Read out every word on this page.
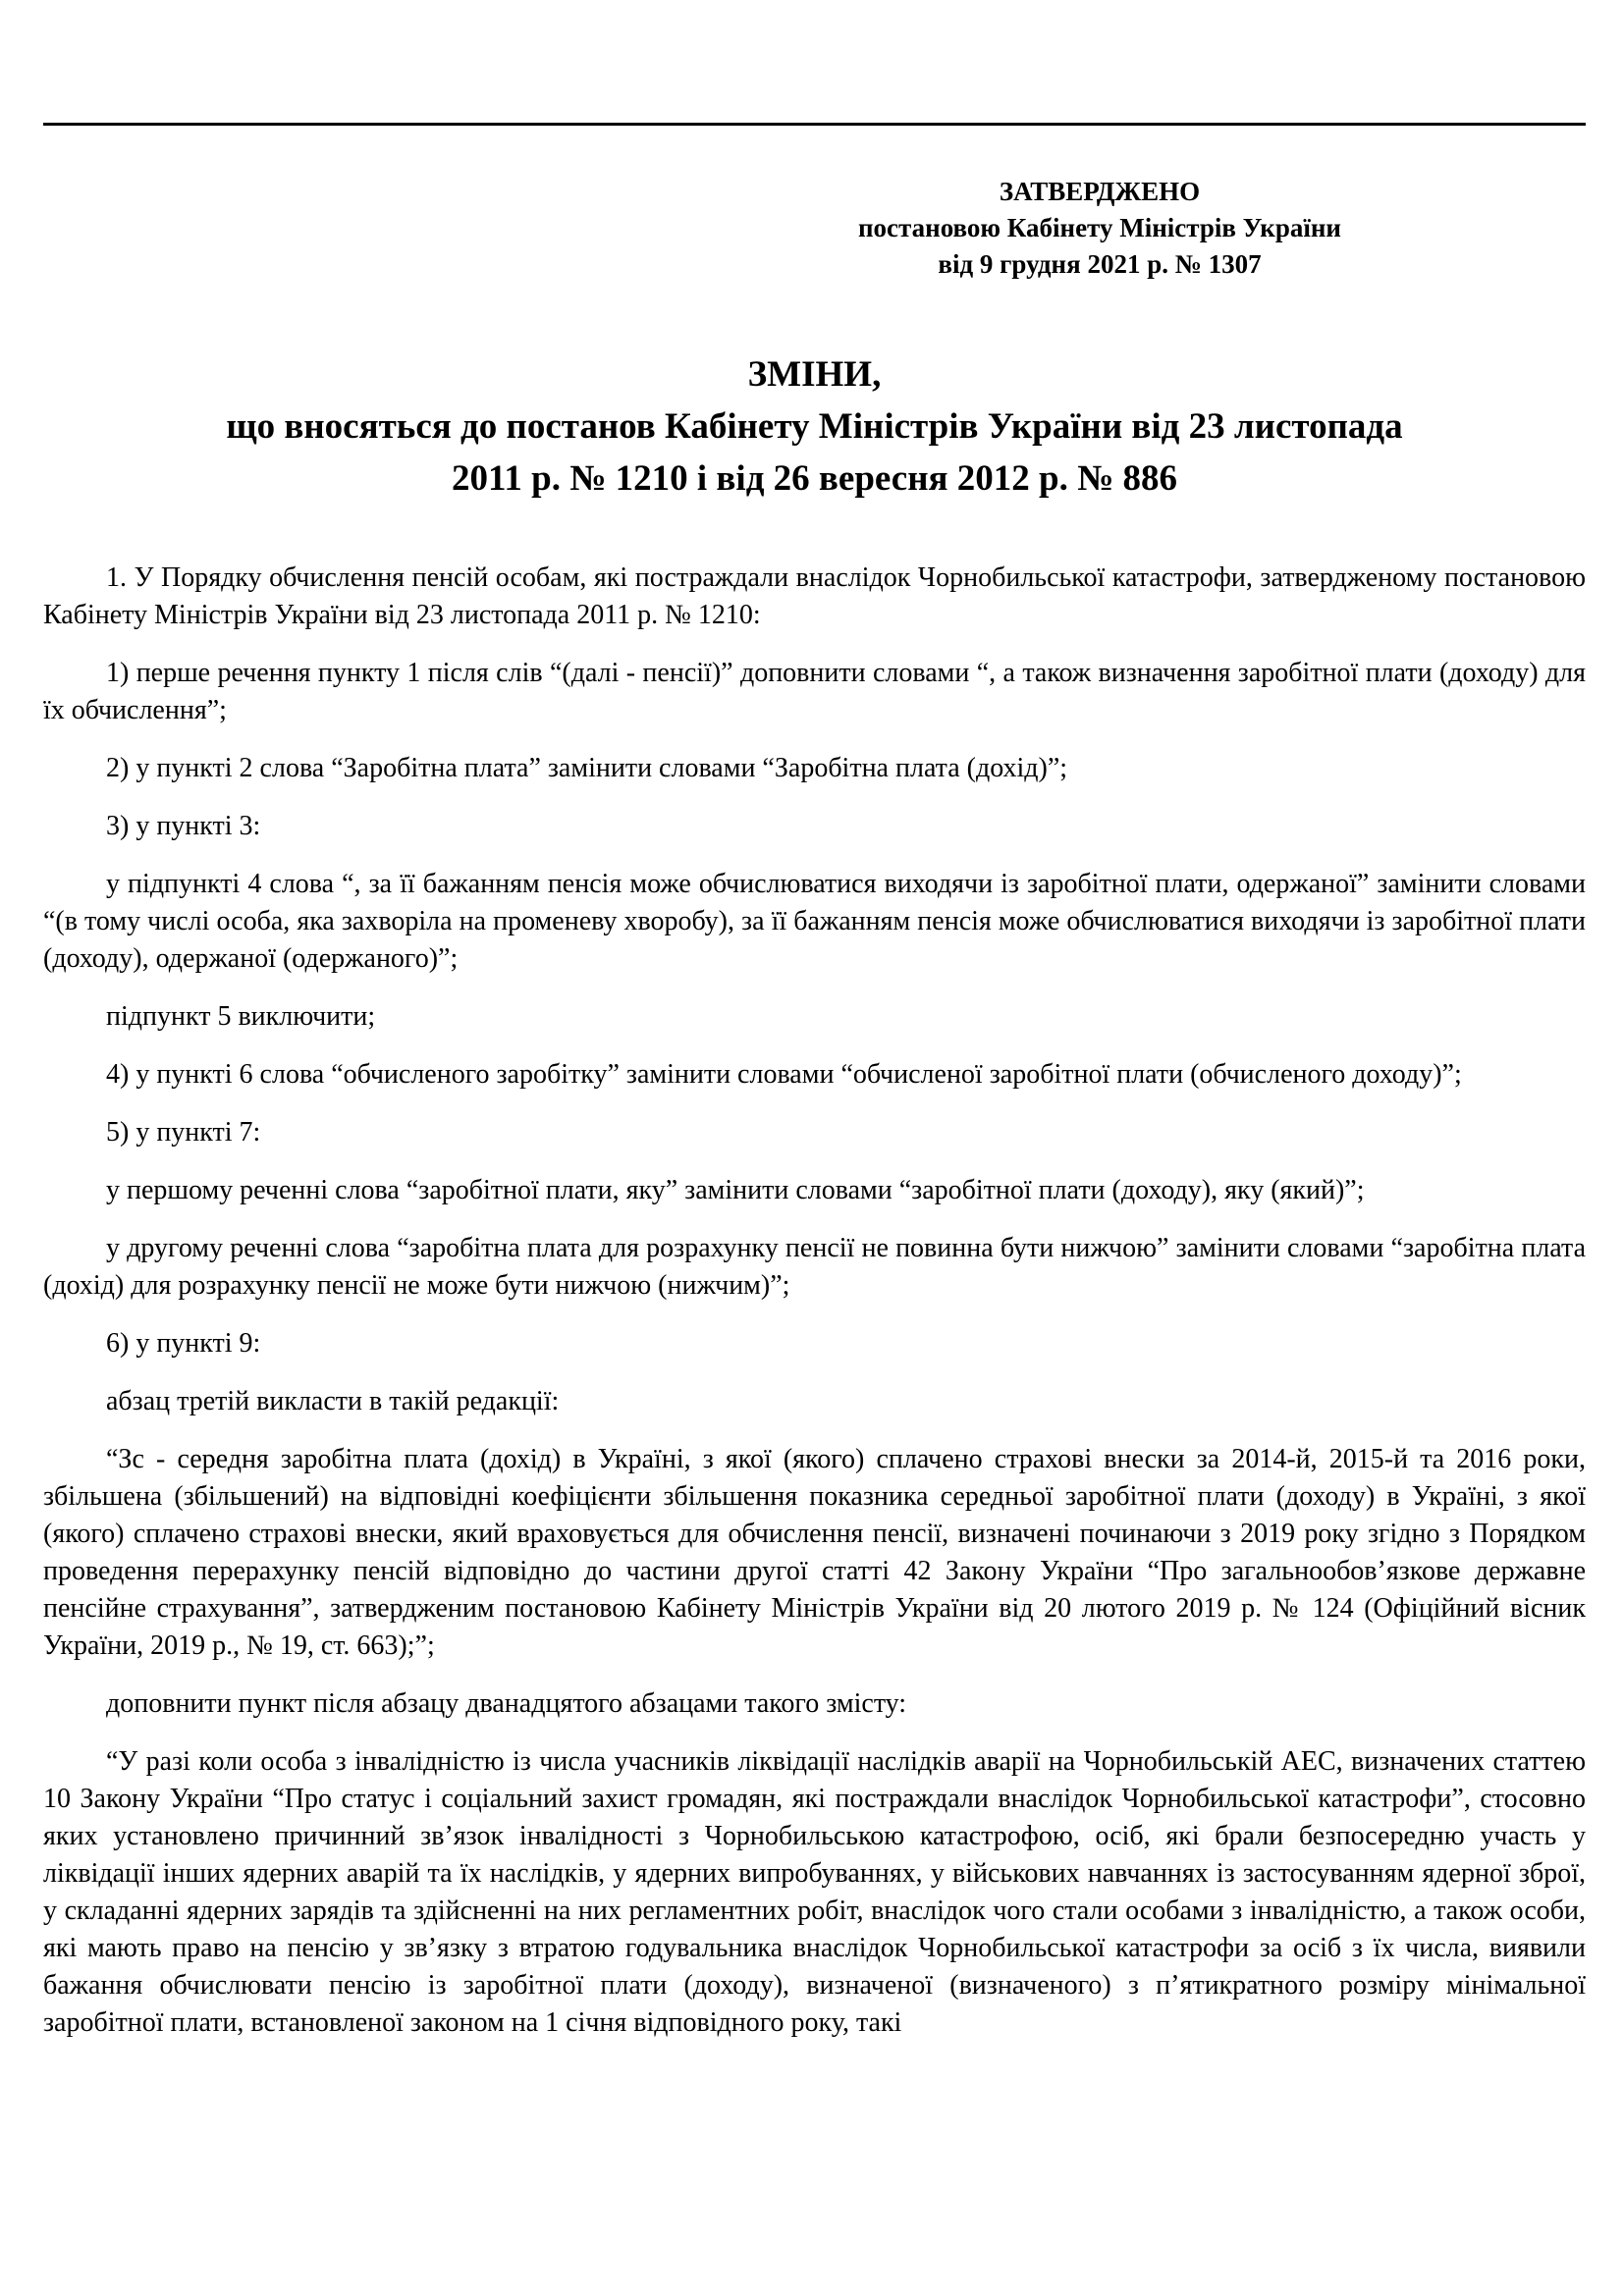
ЗАТВЕРДЖЕНО
постановою Кабінету Міністрів України
від 9 грудня 2021 р. № 1307
ЗМІНИ,
що вносяться до постанов Кабінету Міністрів України від 23 листопада
2011 р. № 1210 і від 26 вересня 2012 р. № 886

1. У Порядку обчислення пенсій особам, які постраждали внаслідок Чорнобильської катастрофи, затвердженому постановою Кабінету Міністрів України від 23 листопада 2011 р. № 1210:

1) перше речення пункту 1 після слів “(далі - пенсії)” доповнити словами “, а також визначення заробітної плати (доходу) для їх обчислення”;

2) у пункті 2 слова “Заробітна плата” замінити словами “Заробітна плата (дохід)”;

3) у пункті 3:

у підпункті 4 слова “, за її бажанням пенсія може обчислюватися виходячи із заробітної плати, одержаної” замінити словами “(в тому числі особа, яка захворіла на променеву хворобу), за її бажанням пенсія може обчислюватися виходячи із заробітної плати (доходу), одержаної (одержаного)”;

підпункт 5 виключити;

4) у пункті 6 слова “обчисленого заробітку” замінити словами “обчисленої заробітної плати (обчисленого доходу)”;

5) у пункті 7:

у першому реченні слова “заробітної плати, яку” замінити словами “заробітної плати (доходу), яку (який)”;

у другому реченні слова “заробітна плата для розрахунку пенсії не повинна бути нижчою” замінити словами “заробітна плата (дохід) для розрахунку пенсії не може бути нижчою (нижчим)”;

6) у пункті 9:

абзац третій викласти в такій редакції:

“Зс - середня заробітна плата (дохід) в Україні, з якої (якого) сплачено страхові внески за 2014-й, 2015-й та 2016 роки, збільшена (збільшений) на відповідні коефіцієнти збільшення показника середньої заробітної плати (доходу) в Україні, з якої (якого) сплачено страхові внески, який враховується для обчислення пенсії, визначені починаючи з 2019 року згідно з Порядком проведення перерахунку пенсій відповідно до частини другої статті 42 Закону України “Про загальнообов’язкове державне пенсійне страхування”, затвердженим постановою Кабінету Міністрів України від 20 лютого 2019 р. № 124 (Офіційний вісник України, 2019 р., № 19, ст. 663);”;

доповнити пункт після абзацу дванадцятого абзацами такого змісту:

“У разі коли особа з інвалідністю із числа учасників ліквідації наслідків аварії на Чорнобильській АЕС, визначених статтею 10 Закону України “Про статус і соціальний захист громадян, які постраждали внаслідок Чорнобильської катастрофи”, стосовно яких установлено причинний зв’язок інвалідності з Чорнобильською катастрофою, осіб, які брали безпосередню участь у ліквідації інших ядерних аварій та їх наслідків, у ядерних випробуваннях, у військових навчаннях із застосуванням ядерної зброї, у складанні ядерних зарядів та здійсненні на них регламентних робіт, внаслідок чого стали особами з інвалідністю, а також особи, які мають право на пенсію у зв’язку з втратою годувальника внаслідок Чорнобильської катастрофи за осіб з їх числа, виявили бажання обчислювати пенсію із заробітної плати (доходу), визначеної (визначеного) з п’ятикратного розміру мінімальної заробітної плати, встановленої законом на 1 січня відповідного року, такі
